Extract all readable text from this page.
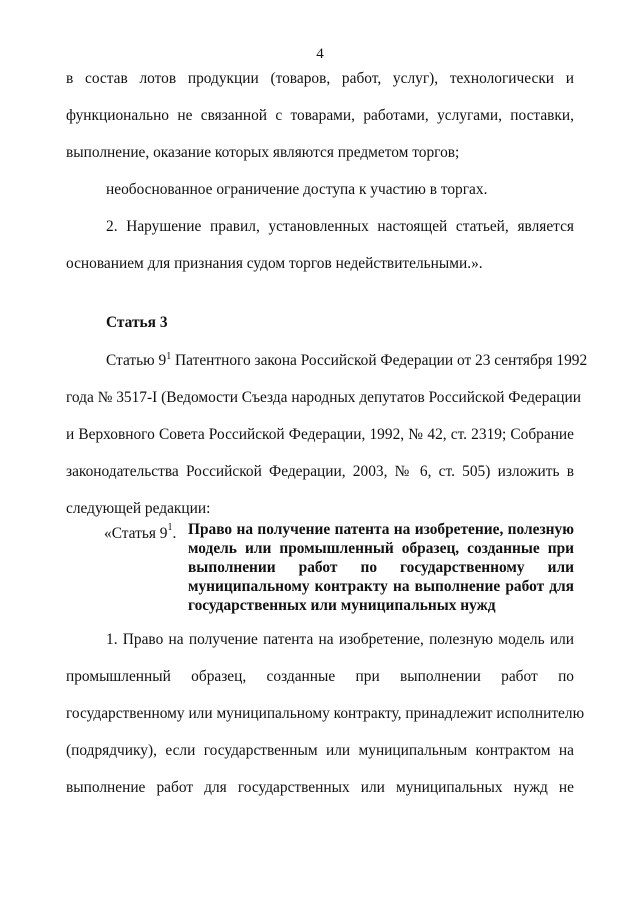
4
в состав лотов продукции (товаров, работ, услуг), технологически и
функционально не связанной с товарами, работами, услугами, поставки,
выполнение, оказание которых являются предметом торгов;
необоснованное ограничение доступа к участию в торгах.
2. Нарушение правил, установленных настоящей статьей, является
основанием для признания судом торгов недействительными.».
Статья 3
Статью $9^1$ Патентного закона Российской Федерации от 23 сентября 1992
года № 3517-I (Ведомости Съезда народных депутатов Российской Федерации
и Верховного Совета Российской Федерации, 1992, № 42, ст. 2319; Собрание
законодательства Российской Федерации, 2003, № 6, ст. 505) изложить в
следующей редакции:
«Статья $9^1$. Право на получение патента на изобретение, полезную
модель или промышленный образец, созданные при
выполнении работ по государственному или
муниципальному контракту на выполнение работ для
государственных или муниципальных нужд
1. Право на получение патента на изобретение, полезную модель или
промышленный образец, созданные при выполнении работ по
государственному или муниципальному контракту, принадлежит исполнителю
(подрядчику), если государственным или муниципальным контрактом на
выполнение работ для государственных или муниципальных нужд не
